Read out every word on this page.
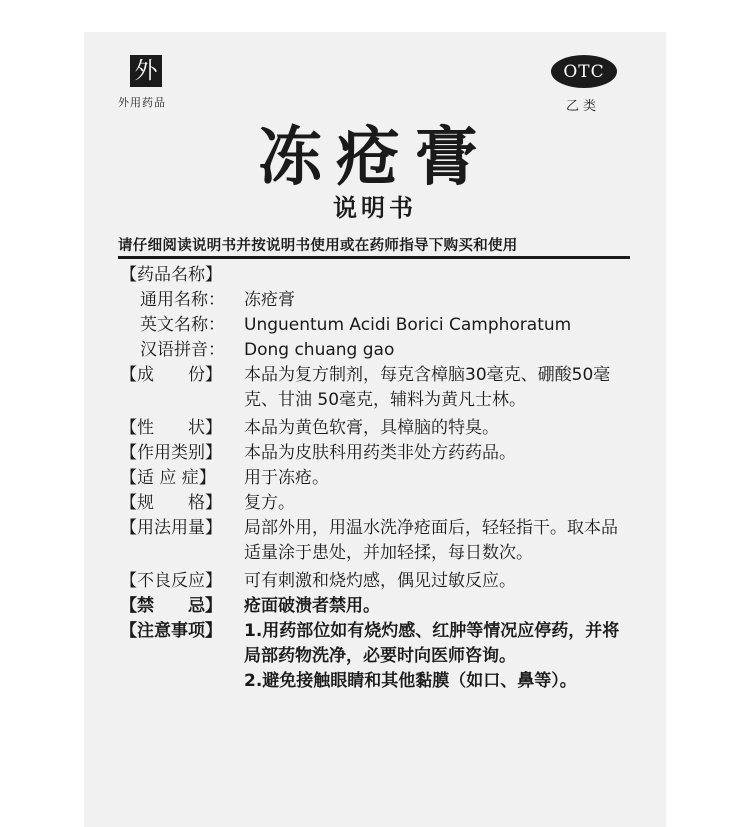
外
外用药品
OTC
乙类
冻疮膏
说明书
请仔细阅读说明书并按说明书使用或在药师指导下购买和使用
【药品名称】
通用名称：	冻疮膏
英文名称：	Unguentum Acidi Borici Camphoratum
汉语拼音：	Dong chuang gao
【成　　份】	本品为复方制剂，每克含樟脑30毫克、硼酸50毫克、甘油 50毫克，辅料为黄凡士林。
【性　　状】	本品为黄色软膏，具樟脑的特臭。
【作用类别】	本品为皮肤科用药类非处方药药品。
【适 应 症】	用于冻疮。
【规　　格】	复方。
【用法用量】	局部外用，用温水洗净疮面后，轻轻指干。取本品适量涂于患处，并加轻揉，每日数次。
【不良反应】	可有刺激和烧灼感，偶见过敏反应。
【禁　　忌】	疮面破溃者禁用。
【注意事项】	1.用药部位如有烧灼感、红肿等情况应停药，并将局部药物洗净，必要时向医师咨询。
2.避免接触眼睛和其他黏膜（如口、鼻等）。
